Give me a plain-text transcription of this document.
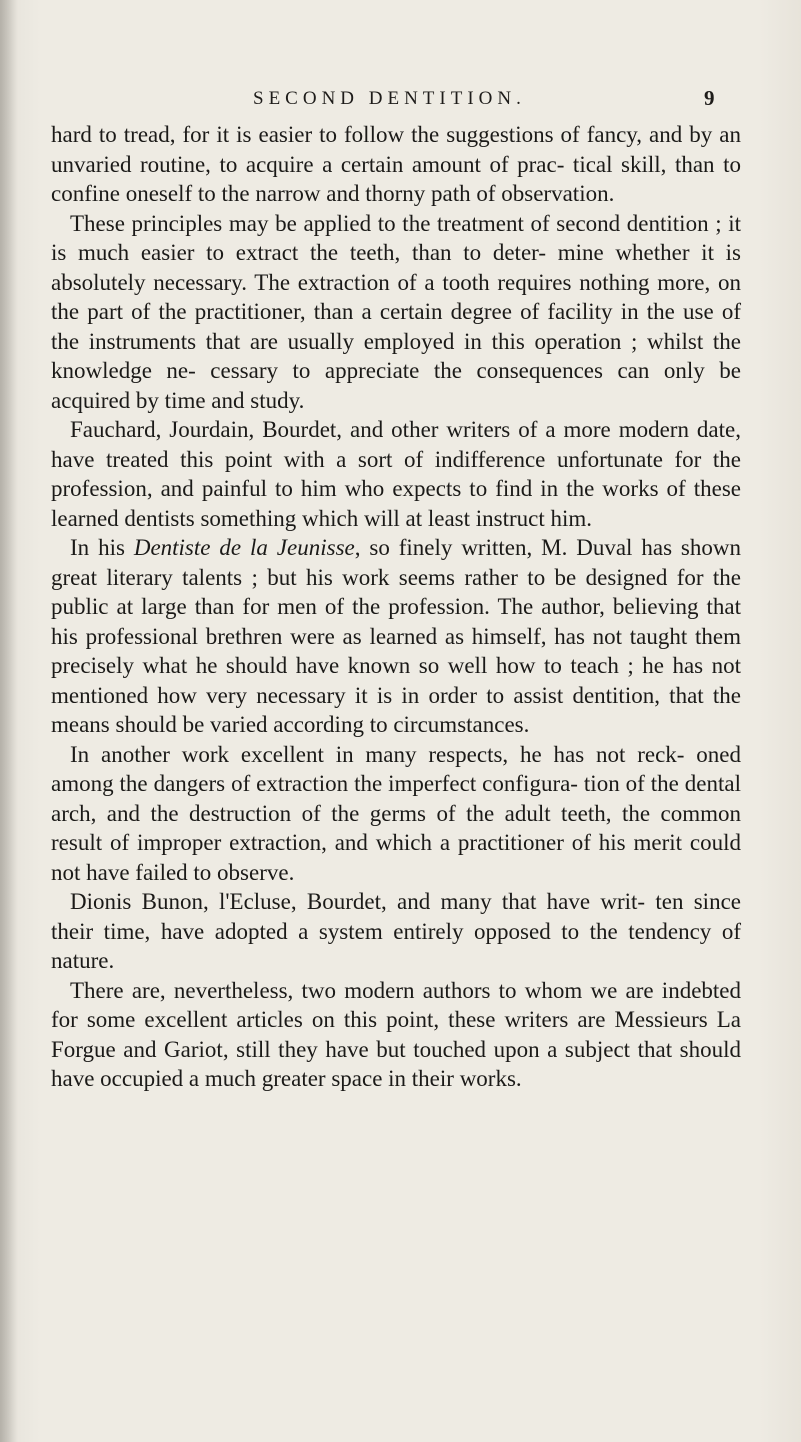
SECOND DENTITION.	9

hard to tread, for it is easier to follow the suggestions of fancy, and by an unvaried routine, to acquire a certain amount of prac- tical skill, than to confine oneself to the narrow and thorny path of observation.

These principles may be applied to the treatment of second dentition ; it is much easier to extract the teeth, than to deter- mine whether it is absolutely necessary. The extraction of a tooth requires nothing more, on the part of the practitioner, than a certain degree of facility in the use of the instruments that are usually employed in this operation ; whilst the knowledge ne- cessary to appreciate the consequences can only be acquired by time and study.

Fauchard, Jourdain, Bourdet, and other writers of a more modern date, have treated this point with a sort of indifference unfortunate for the profession, and painful to him who expects to find in the works of these learned dentists something which will at least instruct him.

In his Dentiste de la Jeunisse, so finely written, M. Duval has shown great literary talents ; but his work seems rather to be designed for the public at large than for men of the profession. The author, believing that his professional brethren were as learned as himself, has not taught them precisely what he should have known so well how to teach ; he has not mentioned how very necessary it is in order to assist dentition, that the means should be varied according to circumstances.

In another work excellent in many respects, he has not reck- oned among the dangers of extraction the imperfect configura- tion of the dental arch, and the destruction of the germs of the adult teeth, the common result of improper extraction, and which a practitioner of his merit could not have failed to observe.

Dionis Bunon, l'Ecluse, Bourdet, and many that have writ- ten since their time, have adopted a system entirely opposed to the tendency of nature.

There are, nevertheless, two modern authors to whom we are indebted for some excellent articles on this point, these writers are Messieurs La Forgue and Gariot, still they have but touched upon a subject that should have occupied a much greater space in their works.
